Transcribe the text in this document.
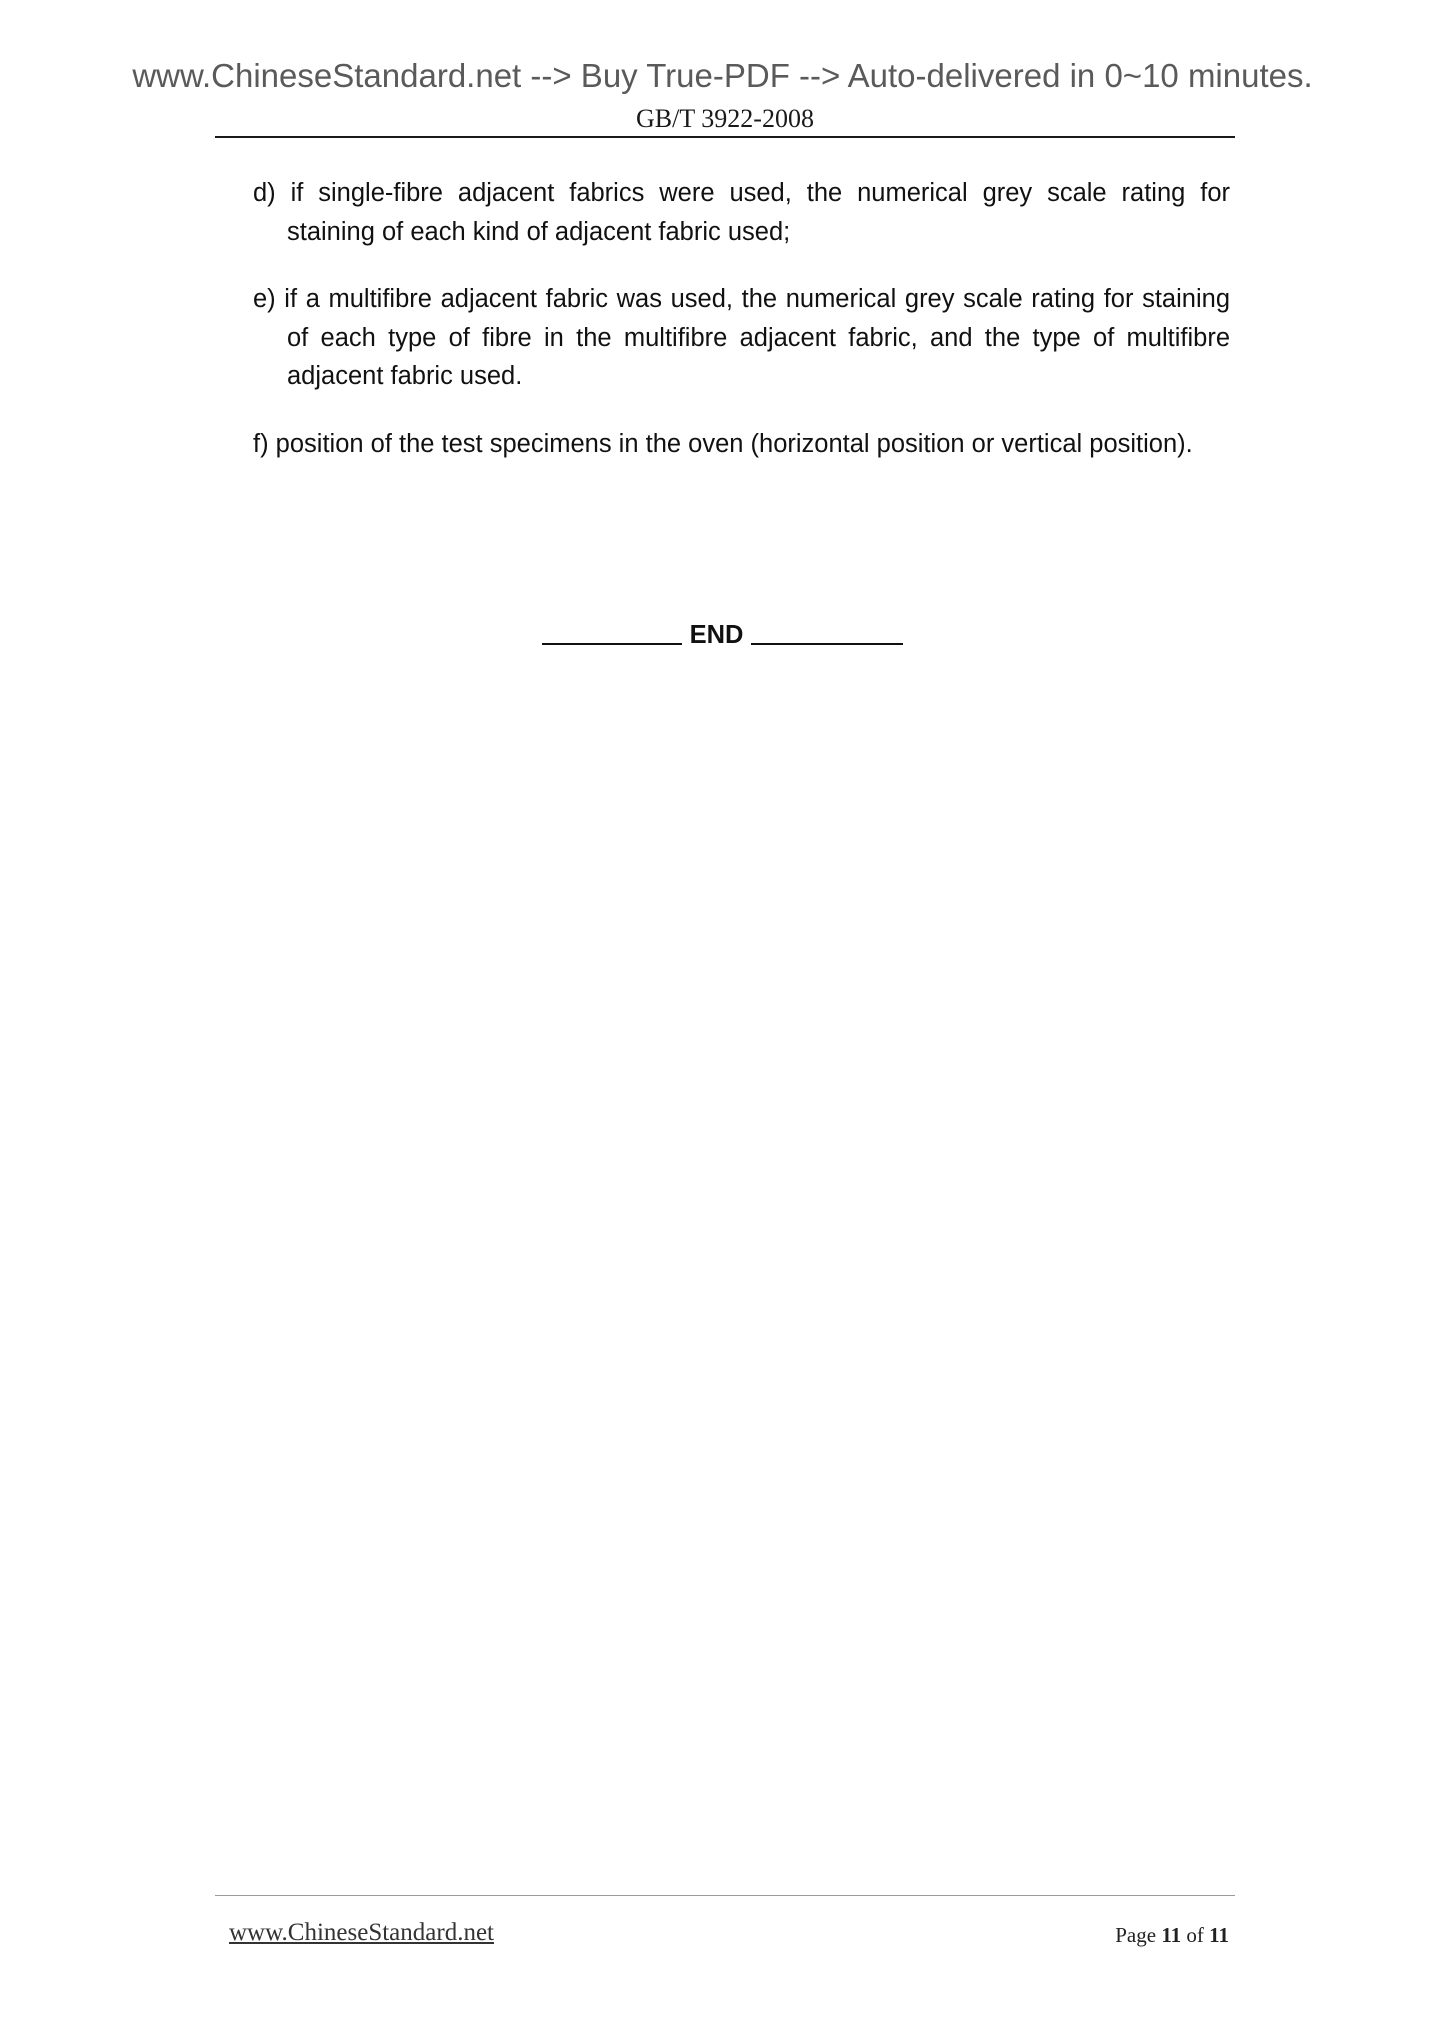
www.ChineseStandard.net --> Buy True-PDF --> Auto-delivered in 0~10 minutes.
GB/T 3922-2008

d) if single-fibre adjacent fabrics were used, the numerical grey scale rating for staining of each kind of adjacent fabric used;

e) if a multifibre adjacent fabric was used, the numerical grey scale rating for staining of each type of fibre in the multifibre adjacent fabric, and the type of multifibre adjacent fabric used.

f) position of the test specimens in the oven (horizontal position or vertical position).

END
www.ChineseStandard.net	Page 11 of 11
